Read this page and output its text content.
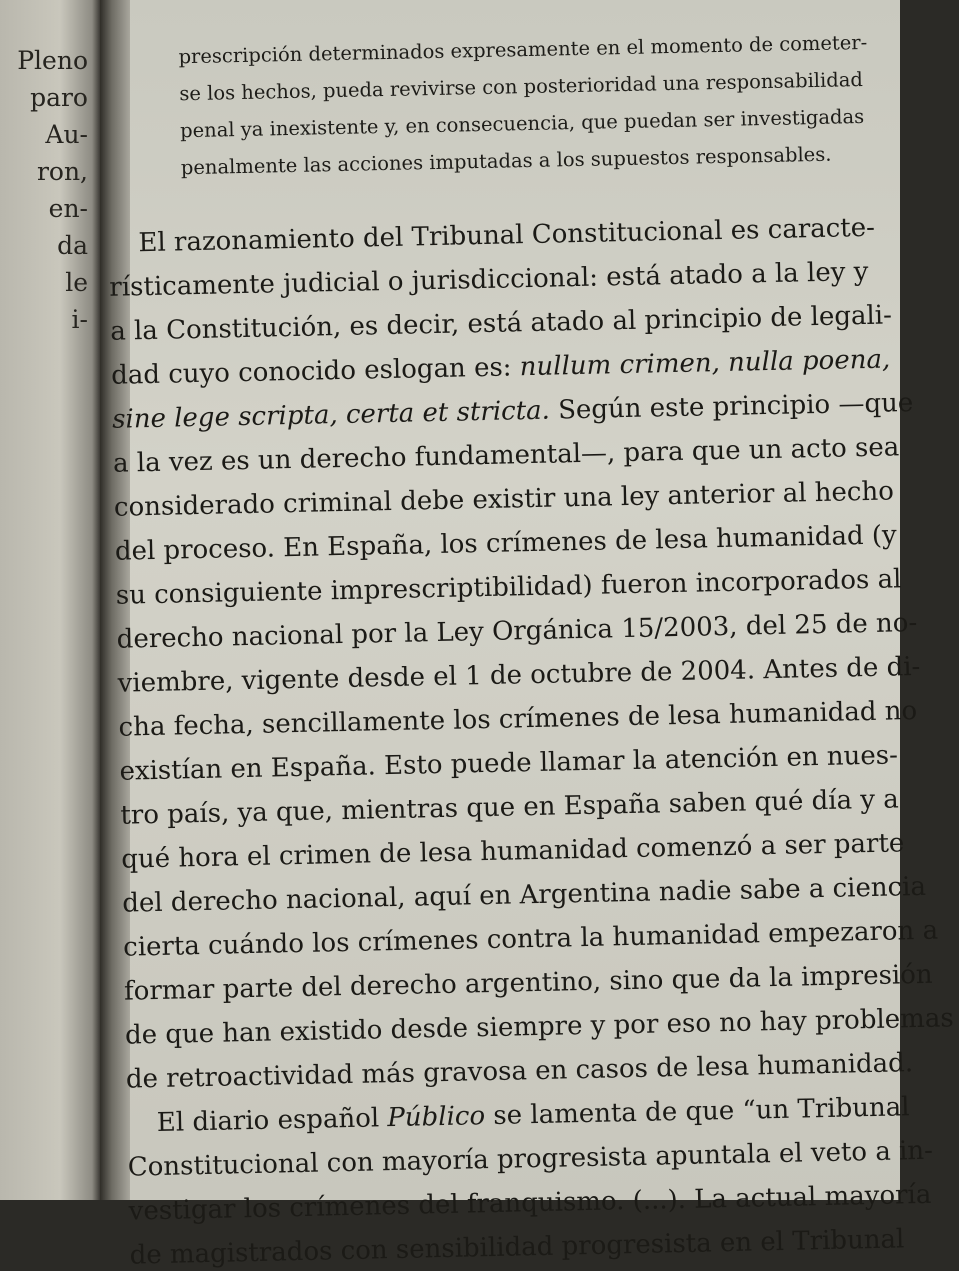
Pleno
paro
Au-
ron,
en-
da
le
i-
prescripción determinados expresamente en el momento de cometer-
se los hechos, pueda revivirse con posterioridad una responsabilidad
penal ya inexistente y, en consecuencia, que puedan ser investigadas
penalmente las acciones imputadas a los supuestos responsables.
El razonamiento del Tribunal Constitucional es caracte-
rísticamente judicial o jurisdiccional: está atado a la ley y
a la Constitución, es decir, está atado al principio de legali-
dad cuyo conocido eslogan es: nullum crimen, nulla poena,
sine lege scripta, certa et stricta. Según este principio —que
a la vez es un derecho fundamental—, para que un acto sea
considerado criminal debe existir una ley anterior al hecho
del proceso. En España, los crímenes de lesa humanidad (y
su consiguiente imprescriptibilidad) fueron incorporados al
derecho nacional por la Ley Orgánica 15/2003, del 25 de no-
viembre, vigente desde el 1 de octubre de 2004. Antes de di-
cha fecha, sencillamente los crímenes de lesa humanidad no
existían en España. Esto puede llamar la atención en nues-
tro país, ya que, mientras que en España saben qué día y a
qué hora el crimen de lesa humanidad comenzó a ser parte
del derecho nacional, aquí en Argentina nadie sabe a ciencia
cierta cuándo los crímenes contra la humanidad empezaron a
formar parte del derecho argentino, sino que da la impresión
de que han existido desde siempre y por eso no hay problemas
de retroactividad más gravosa en casos de lesa humanidad.
El diario español Público se lamenta de que “un Tribunal
Constitucional con mayoría progresista apuntala el veto a in-
vestigar los crímenes del franquismo. (...). La actual mayoría
de magistrados con sensibilidad progresista en el Tribunal
